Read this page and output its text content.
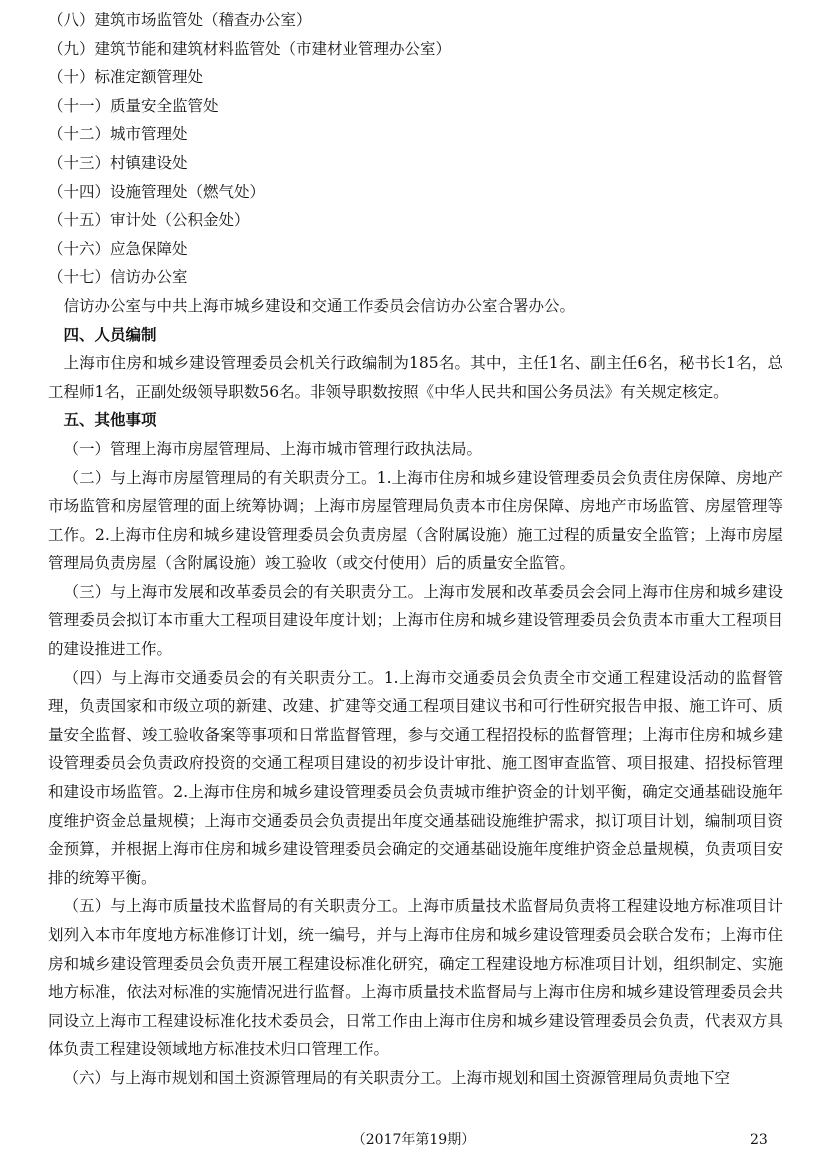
（八）建筑市场监管处（稽查办公室）

（九）建筑节能和建筑材料监管处（市建材业管理办公室）

（十）标准定额管理处

（十一）质量安全监管处

（十二）城市管理处

（十三）村镇建设处

（十四）设施管理处（燃气处）

（十五）审计处（公积金处）

（十六）应急保障处

（十七）信访办公室

信访办公室与中共上海市城乡建设和交通工作委员会信访办公室合署办公。

四、人员编制

上海市住房和城乡建设管理委员会机关行政编制为185名。其中，主任1名、副主任6名，秘书长1名，总工程师1名，正副处级领导职数56名。非领导职数按照《中华人民共和国公务员法》有关规定核定。

五、其他事项

（一）管理上海市房屋管理局、上海市城市管理行政执法局。

（二）与上海市房屋管理局的有关职责分工。1.上海市住房和城乡建设管理委员会负责住房保障、房地产市场监管和房屋管理的面上统筹协调；上海市房屋管理局负责本市住房保障、房地产市场监管、房屋管理等工作。2.上海市住房和城乡建设管理委员会负责房屋（含附属设施）施工过程的质量安全监管；上海市房屋管理局负责房屋（含附属设施）竣工验收（或交付使用）后的质量安全监管。

（三）与上海市发展和改革委员会的有关职责分工。上海市发展和改革委员会会同上海市住房和城乡建设管理委员会拟订本市重大工程项目建设年度计划；上海市住房和城乡建设管理委员会负责本市重大工程项目的建设推进工作。

（四）与上海市交通委员会的有关职责分工。1.上海市交通委员会负责全市交通工程建设活动的监督管理，负责国家和市级立项的新建、改建、扩建等交通工程项目建议书和可行性研究报告申报、施工许可、质量安全监督、竣工验收备案等事项和日常监督管理，参与交通工程招投标的监督管理；上海市住房和城乡建设管理委员会负责政府投资的交通工程项目建设的初步设计审批、施工图审查监管、项目报建、招投标管理和建设市场监管。2.上海市住房和城乡建设管理委员会负责城市维护资金的计划平衡，确定交通基础设施年度维护资金总量规模；上海市交通委员会负责提出年度交通基础设施维护需求，拟订项目计划，编制项目资金预算，并根据上海市住房和城乡建设管理委员会确定的交通基础设施年度维护资金总量规模，负责项目安排的统筹平衡。

（五）与上海市质量技术监督局的有关职责分工。上海市质量技术监督局负责将工程建设地方标准项目计划列入本市年度地方标准修订计划，统一编号，并与上海市住房和城乡建设管理委员会联合发布；上海市住房和城乡建设管理委员会负责开展工程建设标准化研究，确定工程建设地方标准项目计划，组织制定、实施地方标准，依法对标准的实施情况进行监督。上海市质量技术监督局与上海市住房和城乡建设管理委员会共同设立上海市工程建设标准化技术委员会，日常工作由上海市住房和城乡建设管理委员会负责，代表双方具体负责工程建设领域地方标准技术归口管理工作。

（六）与上海市规划和国土资源管理局的有关职责分工。上海市规划和国土资源管理局负责地下空

（2017年第19期）	23
